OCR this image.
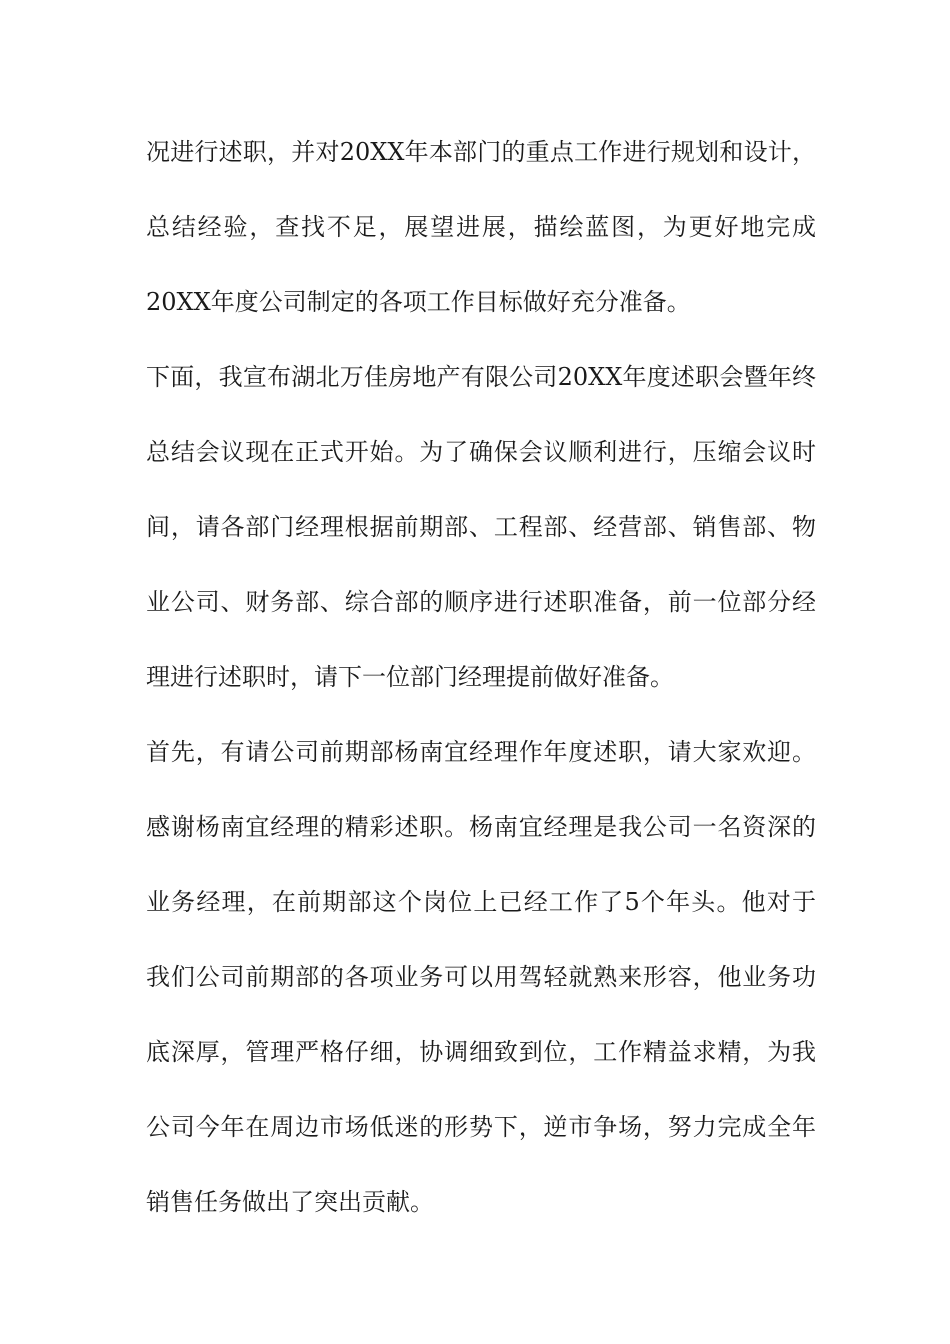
况进行述职，并对20XX年本部门的重点工作进行规划和设计，
总结经验，查找不足，展望进展，描绘蓝图，为更好地完成
20XX年度公司制定的各项工作目标做好充分准备。
下面，我宣布湖北万佳房地产有限公司20XX年度述职会暨年终
总结会议现在正式开始。为了确保会议顺利进行，压缩会议时
间，请各部门经理根据前期部、工程部、经营部、销售部、物
业公司、财务部、综合部的顺序进行述职准备，前一位部分经
理进行述职时，请下一位部门经理提前做好准备。
首先，有请公司前期部杨南宜经理作年度述职，请大家欢迎。
感谢杨南宜经理的精彩述职。杨南宜经理是我公司一名资深的
业务经理，在前期部这个岗位上已经工作了5个年头。他对于
我们公司前期部的各项业务可以用驾轻就熟来形容，他业务功
底深厚，管理严格仔细，协调细致到位，工作精益求精，为我
公司今年在周边市场低迷的形势下，逆市争场，努力完成全年
销售任务做出了突出贡献。
